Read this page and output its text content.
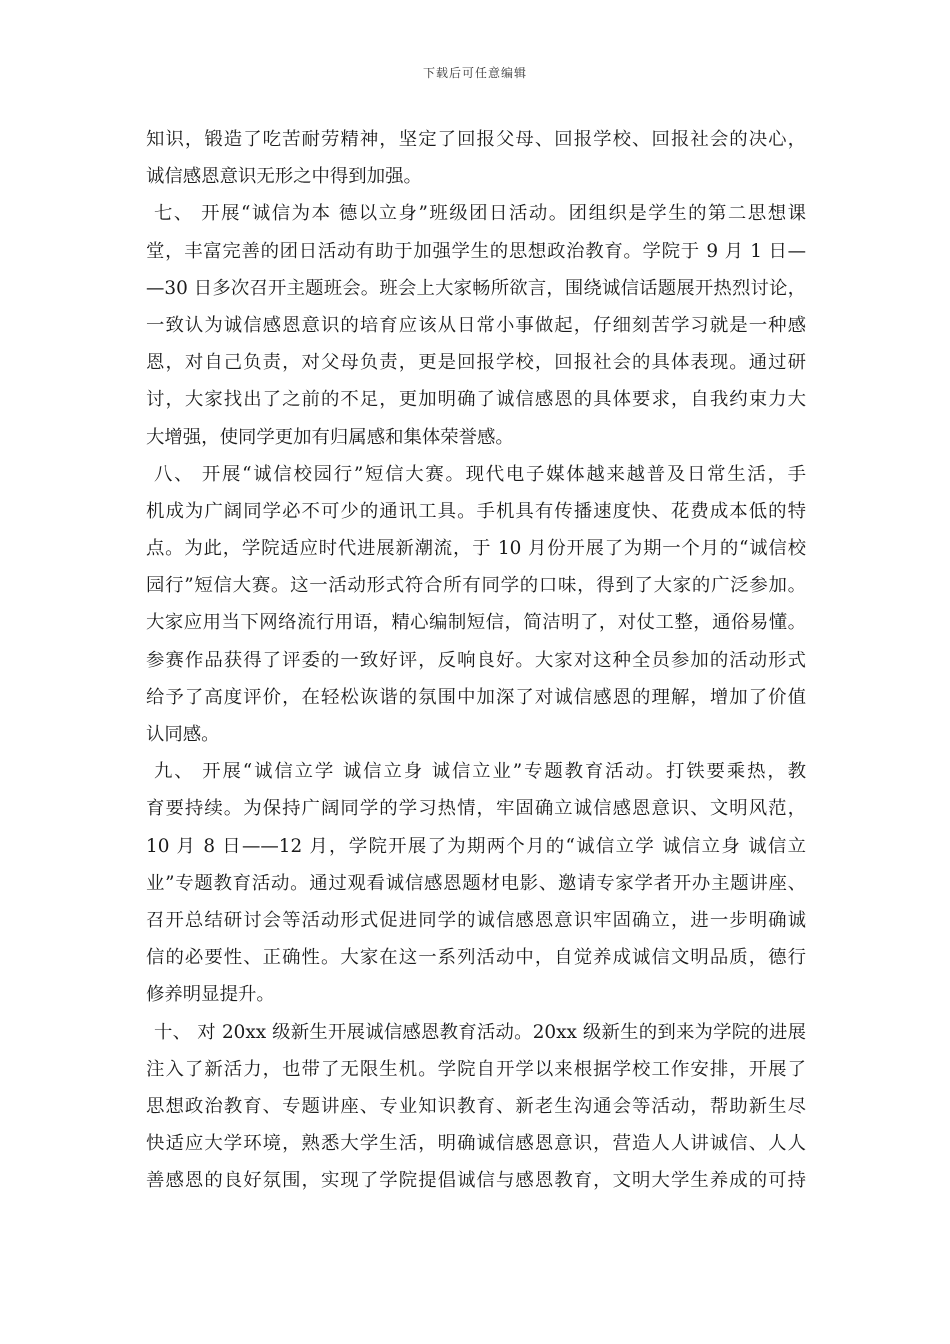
下载后可任意编辑
知识，锻造了吃苦耐劳精神，坚定了回报父母、回报学校、回报社会的决心，
诚信感恩意识无形之中得到加强。
七、 开展“诚信为本 德以立身”班级团日活动。团组织是学生的第二思想课
堂，丰富完善的团日活动有助于加强学生的思想政治教育。学院于 9 月 1 日—
—30 日多次召开主题班会。班会上大家畅所欲言，围绕诚信话题展开热烈讨论，
一致认为诚信感恩意识的培育应该从日常小事做起，仔细刻苦学习就是一种感
恩，对自己负责，对父母负责，更是回报学校，回报社会的具体表现。通过研
讨，大家找出了之前的不足，更加明确了诚信感恩的具体要求，自我约束力大
大增强，使同学更加有归属感和集体荣誉感。
八、 开展“诚信校园行”短信大赛。现代电子媒体越来越普及日常生活，手
机成为广阔同学必不可少的通讯工具。手机具有传播速度快、花费成本低的特
点。为此，学院适应时代进展新潮流，于 10 月份开展了为期一个月的“诚信校
园行”短信大赛。这一活动形式符合所有同学的口味，得到了大家的广泛参加。
大家应用当下网络流行用语，精心编制短信，简洁明了，对仗工整，通俗易懂。
参赛作品获得了评委的一致好评，反响良好。大家对这种全员参加的活动形式
给予了高度评价，在轻松诙谐的氛围中加深了对诚信感恩的理解，增加了价值
认同感。
九、 开展“诚信立学 诚信立身 诚信立业”专题教育活动。打铁要乘热，教
育要持续。为保持广阔同学的学习热情，牢固确立诚信感恩意识、文明风范，
10 月 8 日——12 月，学院开展了为期两个月的“诚信立学 诚信立身 诚信立
业”专题教育活动。通过观看诚信感恩题材电影、邀请专家学者开办主题讲座、
召开总结研讨会等活动形式促进同学的诚信感恩意识牢固确立，进一步明确诚
信的必要性、正确性。大家在这一系列活动中，自觉养成诚信文明品质，德行
修养明显提升。
十、 对 20xx 级新生开展诚信感恩教育活动。20xx 级新生的到来为学院的进展
注入了新活力，也带了无限生机。学院自开学以来根据学校工作安排，开展了
思想政治教育、专题讲座、专业知识教育、新老生沟通会等活动，帮助新生尽
快适应大学环境，熟悉大学生活，明确诚信感恩意识，营造人人讲诚信、人人
善感恩的良好氛围，实现了学院提倡诚信与感恩教育，文明大学生养成的可持
